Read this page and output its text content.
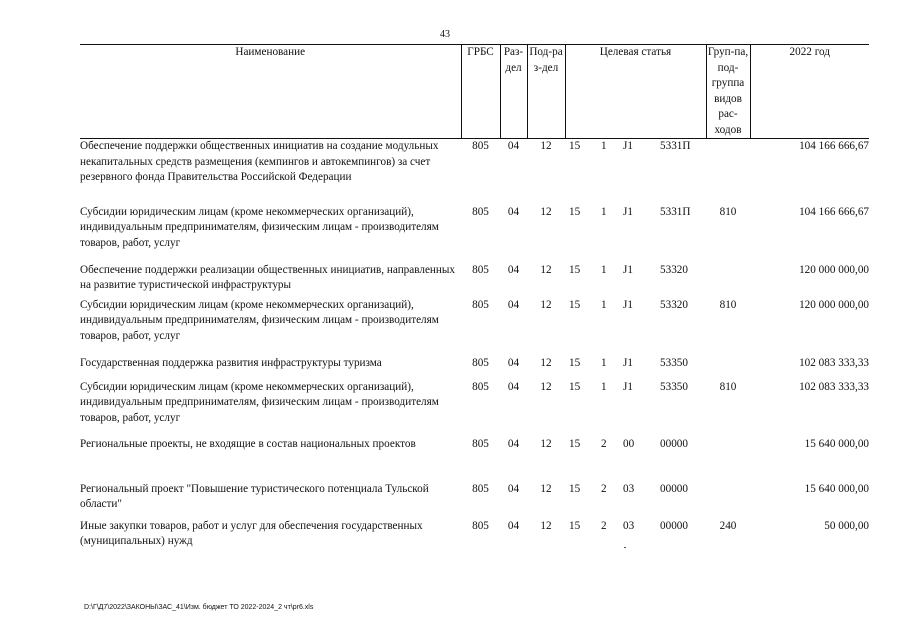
43
Наименование	ГРБС	Раз-дел	Под-раз-дел	Целевая статья	Груп-па, под-группа видов рас-ходов	2022 год
Обеспечение поддержки общественных инициатив на создание модульных некапитальных средств размещения (кемпингов и автокемпингов) за счет резервного фонда Правительства Российской Федерации	805	04	12	15 1 J1 5331П		104 166 666,67
Субсидии юридическим лицам (кроме некоммерческих организаций), индивидуальным предпринимателям, физическим лицам - производителям товаров, работ, услуг	805	04	12	15 1 J1 5331П	810	104 166 666,67
Обеспечение поддержки реализации общественных инициатив, направленных на развитие туристической инфраструктуры	805	04	12	15 1 J1 53320		120 000 000,00
Субсидии юридическим лицам (кроме некоммерческих организаций), индивидуальным предпринимателям, физическим лицам - производителям товаров, работ, услуг	805	04	12	15 1 J1 53320	810	120 000 000,00
Государственная поддержка развития инфраструктуры туризма	805	04	12	15 1 J1 53350		102 083 333,33
Субсидии юридическим лицам (кроме некоммерческих организаций), индивидуальным предпринимателям, физическим лицам - производителям товаров, работ, услуг	805	04	12	15 1 J1 53350	810	102 083 333,33
Региональные проекты, не входящие в состав национальных проектов	805	04	12	15 2 00 00000		15 640 000,00
Региональный проект "Повышение туристического потенциала Тульской области"	805	04	12	15 2 03 00000		15 640 000,00
Иные закупки товаров, работ и услуг для обеспечения государственных (муниципальных) нужд	805	04	12	15 2 03 00000	240	50 000,00
D:\Г\Д7\2022\ЗАКОНЫ\ЗАС_41\Изм. бюджет ТО 2022-2024_2 чт\pr6.xls
